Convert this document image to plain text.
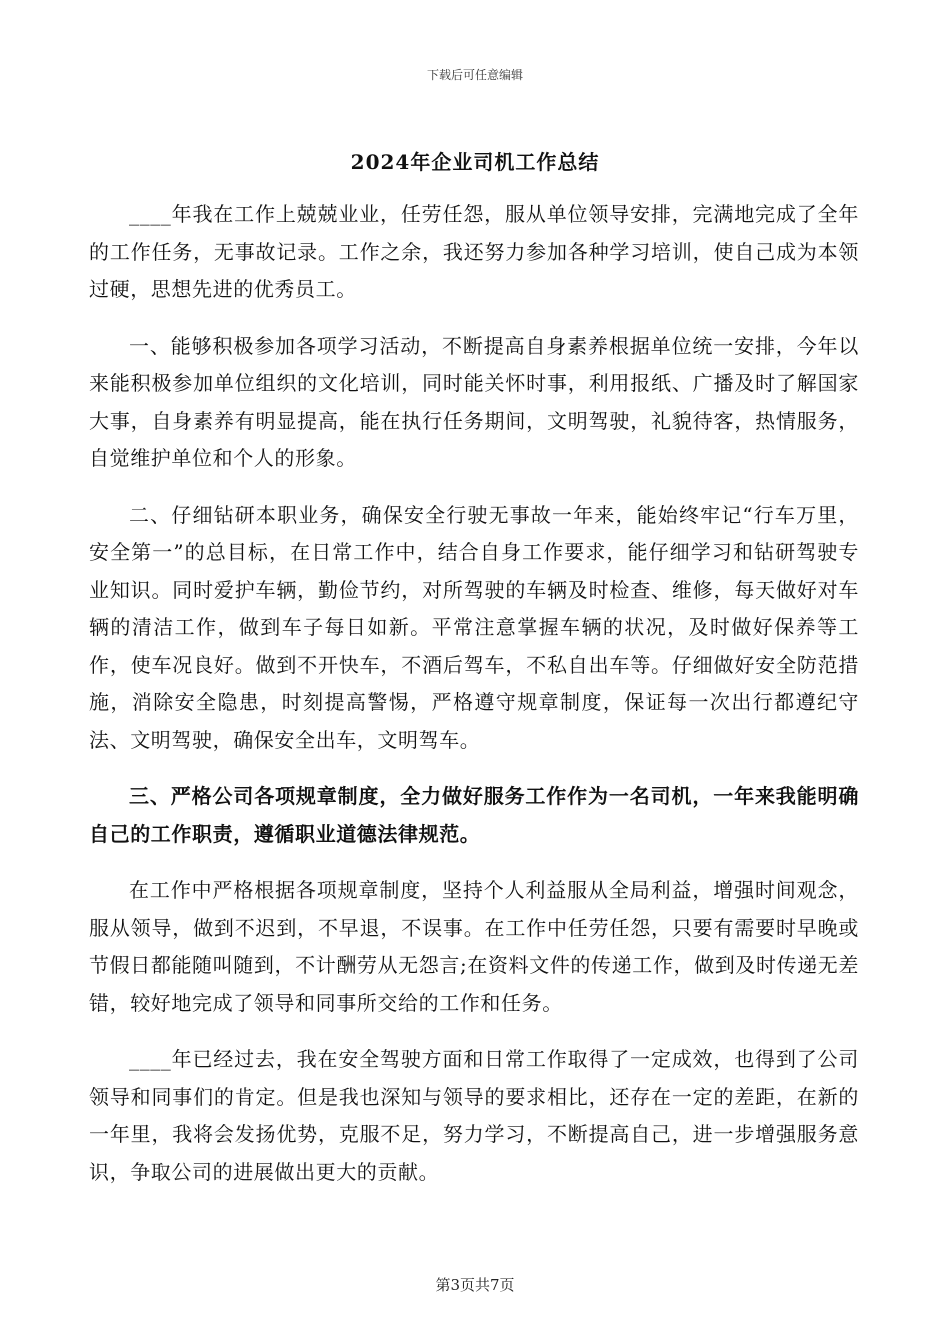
下载后可任意编辑
2024年企业司机工作总结

____年我在工作上兢兢业业，任劳任怨，服从单位领导安排，完满地完成了全年的工作任务，无事故记录。工作之余，我还努力参加各种学习培训，使自己成为本领过硬，思想先进的优秀员工。

一、能够积极参加各项学习活动，不断提高自身素养根据单位统一安排，今年以来能积极参加单位组织的文化培训，同时能关怀时事，利用报纸、广播及时了解国家大事，自身素养有明显提高，能在执行任务期间，文明驾驶，礼貌待客，热情服务，自觉维护单位和个人的形象。

二、仔细钻研本职业务，确保安全行驶无事故一年来，能始终牢记“行车万里，安全第一”的总目标，在日常工作中，结合自身工作要求，能仔细学习和钻研驾驶专业知识。同时爱护车辆，勤俭节约，对所驾驶的车辆及时检查、维修，每天做好对车辆的清洁工作，做到车子每日如新。平常注意掌握车辆的状况，及时做好保养等工作，使车况良好。做到不开快车，不酒后驾车，不私自出车等。仔细做好安全防范措施，消除安全隐患，时刻提高警惕，严格遵守规章制度，保证每一次出行都遵纪守法、文明驾驶，确保安全出车，文明驾车。

三、严格公司各项规章制度，全力做好服务工作作为一名司机，一年来我能明确自己的工作职责，遵循职业道德法律规范。

在工作中严格根据各项规章制度，坚持个人利益服从全局利益，增强时间观念，服从领导，做到不迟到，不早退，不误事。在工作中任劳任怨，只要有需要时早晚或节假日都能随叫随到，不计酬劳从无怨言;在资料文件的传递工作，做到及时传递无差错，较好地完成了领导和同事所交给的工作和任务。

____年已经过去，我在安全驾驶方面和日常工作取得了一定成效，也得到了公司领导和同事们的肯定。但是我也深知与领导的要求相比，还存在一定的差距，在新的一年里，我将会发扬优势，克服不足，努力学习，不断提高自己，进一步增强服务意识，争取公司的进展做出更大的贡献。

第3页共7页
